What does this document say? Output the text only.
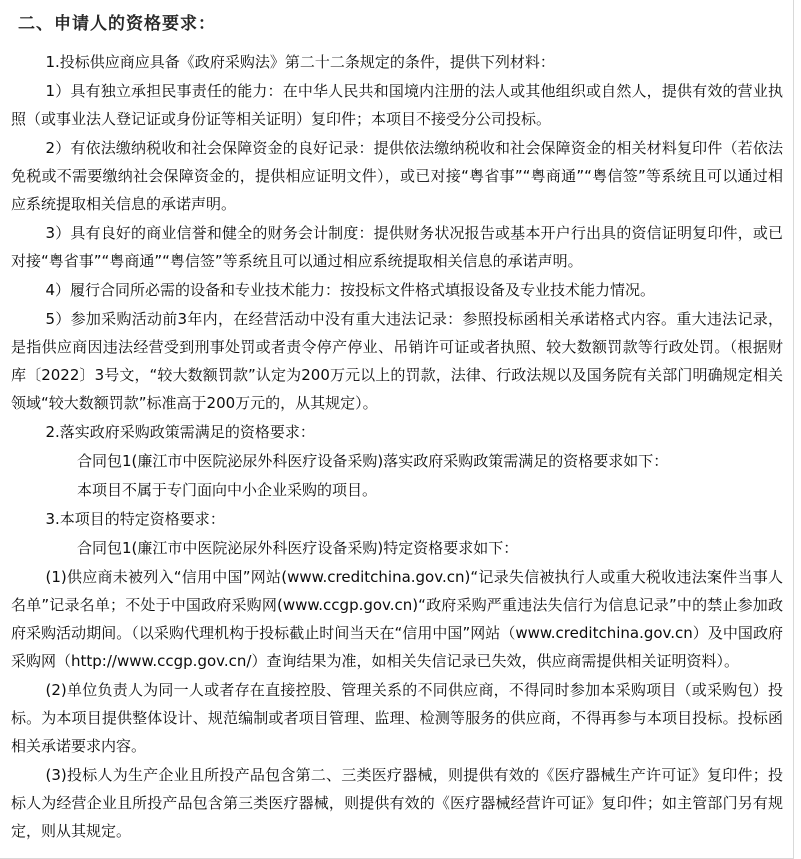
二、申请人的资格要求：

1.投标供应商应具备《政府采购法》第二十二条规定的条件，提供下列材料：

1）具有独立承担民事责任的能力：在中华人民共和国境内注册的法人或其他组织或自然人，提供有效的营业执照（或事业法人登记证或身份证等相关证明）复印件；本项目不接受分公司投标。

2）有依法缴纳税收和社会保障资金的良好记录：提供依法缴纳税收和社会保障资金的相关材料复印件（若依法免税或不需要缴纳社会保障资金的，提供相应证明文件），或已对接“粤省事”“粤商通”“粤信签”等系统且可以通过相应系统提取相关信息的承诺声明。

3）具有良好的商业信誉和健全的财务会计制度：提供财务状况报告或基本开户行出具的资信证明复印件，或已对接“粤省事”“粤商通”“粤信签”等系统且可以通过相应系统提取相关信息的承诺声明。

4）履行合同所必需的设备和专业技术能力：按投标文件格式填报设备及专业技术能力情况。

5）参加采购活动前3年内，在经营活动中没有重大违法记录：参照投标函相关承诺格式内容。重大违法记录，是指供应商因违法经营受到刑事处罚或者责令停产停业、吊销许可证或者执照、较大数额罚款等行政处罚。（根据财库〔2022〕3号文，“较大数额罚款”认定为200万元以上的罚款，法律、行政法规以及国务院有关部门明确规定相关领域“较大数额罚款”标准高于200万元的，从其规定）。

2.落实政府采购政策需满足的资格要求：

合同包1(廉江市中医院泌尿外科医疗设备采购)落实政府采购政策需满足的资格要求如下：

本项目不属于专门面向中小企业采购的项目。

3.本项目的特定资格要求：

合同包1(廉江市中医院泌尿外科医疗设备采购)特定资格要求如下：

(1)供应商未被列入“信用中国”网站(www.creditchina.gov.cn)“记录失信被执行人或重大税收违法案件当事人名单”记录名单；不处于中国政府采购网(www.ccgp.gov.cn)“政府采购严重违法失信行为信息记录”中的禁止参加政府采购活动期间。（以采购代理机构于投标截止时间当天在“信用中国”网站（www.creditchina.gov.cn）及中国政府采购网（http://www.ccgp.gov.cn/）查询结果为准，如相关失信记录已失效，供应商需提供相关证明资料）。

(2)单位负责人为同一人或者存在直接控股、管理关系的不同供应商，不得同时参加本采购项目（或采购包）投标。为本项目提供整体设计、规范编制或者项目管理、监理、检测等服务的供应商，不得再参与本项目投标。投标函相关承诺要求内容。

(3)投标人为生产企业且所投产品包含第二、三类医疗器械，则提供有效的《医疗器械生产许可证》复印件；投标人为经营企业且所投产品包含第三类医疗器械，则提供有效的《医疗器械经营许可证》复印件；如主管部门另有规定，则从其规定。
